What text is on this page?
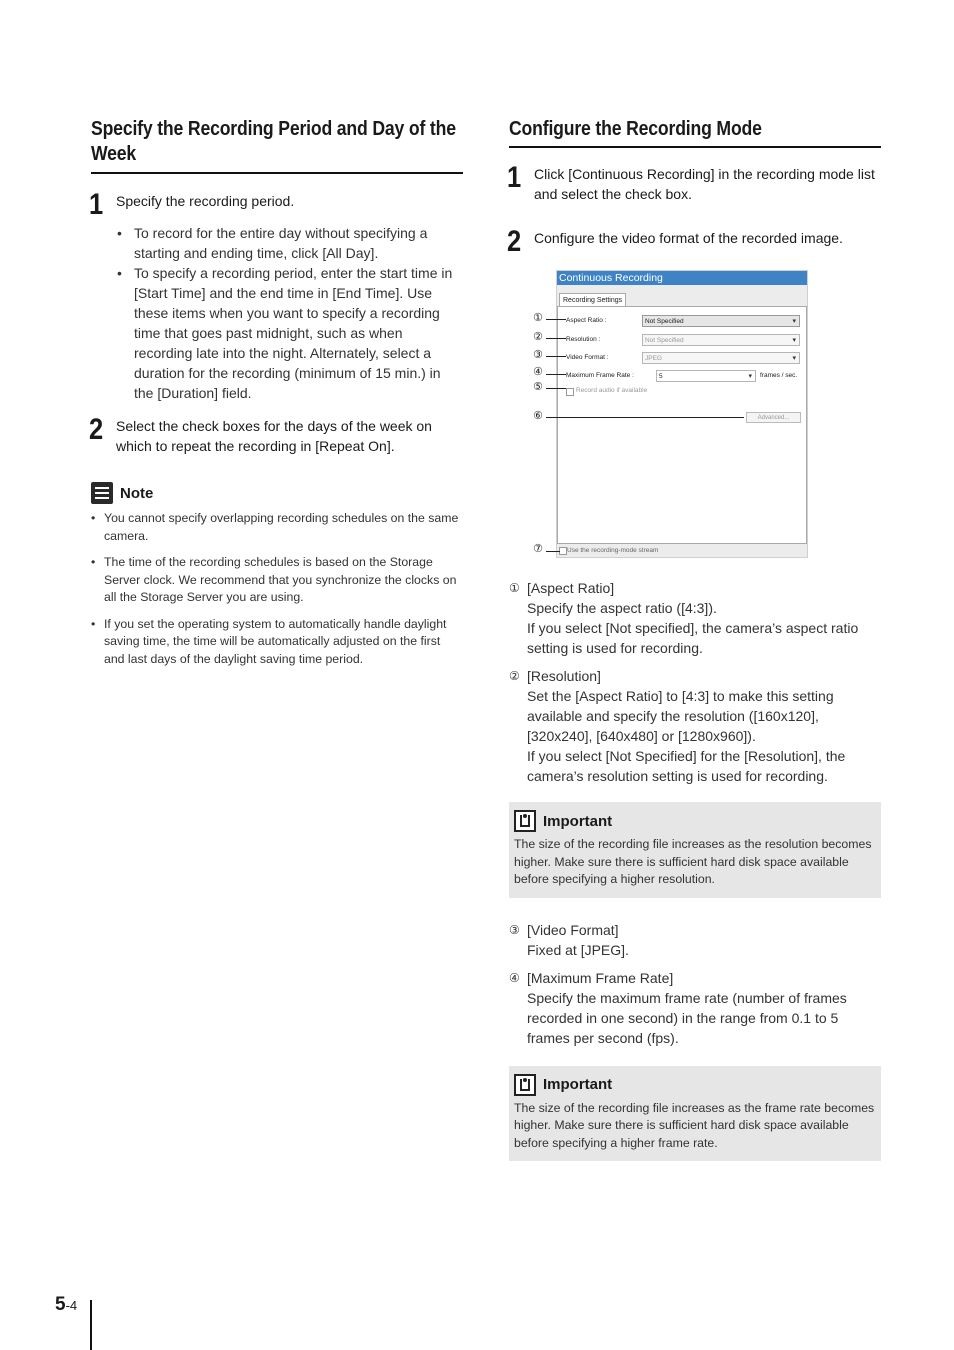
Specify the Recording Period and Day of the Week
1 Specify the recording period.
• To record for the entire day without specifying a starting and ending time, click [All Day].
• To specify a recording period, enter the start time in [Start Time] and the end time in [End Time]. Use these items when you want to specify a recording time that goes past midnight, such as when recording late into the night. Alternately, select a duration for the recording (minimum of 15 min.) in the [Duration] field.
2 Select the check boxes for the days of the week on which to repeat the recording in [Repeat On].
Note
• You cannot specify overlapping recording schedules on the same camera.
• The time of the recording schedules is based on the Storage Server clock. We recommend that you synchronize the clocks on all the Storage Server you are using.
• If you set the operating system to automatically handle daylight saving time, the time will be automatically adjusted on the first and last days of the daylight saving time period.
Configure the Recording Mode
1 Click [Continuous Recording] in the recording mode list and select the check box.
2 Configure the video format of the recorded image.
Continuous Recording
Recording Settings
Aspect Ratio :	Not Specified ▾
Resolution :	Not Specified ▾
Video Format :	JPEG ▾
Maximum Frame Rate :	5 ▾	frames / sec.
Record audio if available
Advanced...
Use the recording-mode stream
①
②
③
④
⑤
⑥
⑦
① [Aspect Ratio]
Specify the aspect ratio ([4:3]).
If you select [Not specified], the camera’s aspect ratio setting is used for recording.
② [Resolution]
Set the [Aspect Ratio] to [4:3] to make this setting available and specify the resolution ([160x120], [320x240], [640x480] or [1280x960]).
If you select [Not Specified] for the [Resolution], the camera’s resolution setting is used for recording.
Important
The size of the recording file increases as the resolution becomes higher. Make sure there is sufficient hard disk space available before specifying a higher resolution.
③ [Video Format]
Fixed at [JPEG].
④ [Maximum Frame Rate]
Specify the maximum frame rate (number of frames recorded in one second) in the range from 0.1 to 5 frames per second (fps).
Important
The size of the recording file increases as the frame rate becomes higher. Make sure there is sufficient hard disk space available before specifying a higher frame rate.
5-4
